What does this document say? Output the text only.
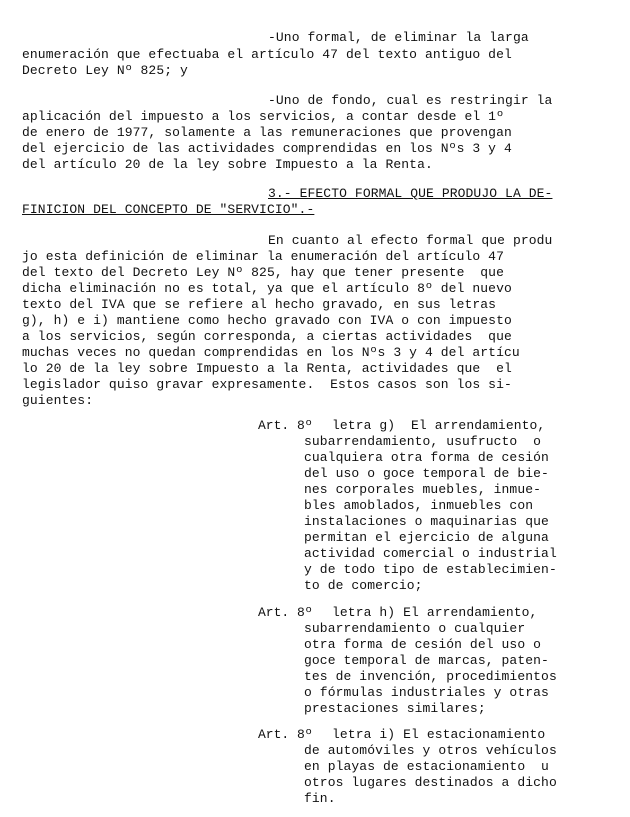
-Uno formal, de eliminar la larga
enumeración que efectuaba el artículo 47 del texto antiguo del
Decreto Ley Nº 825; y
-Uno de fondo, cual es restringir la
aplicación del impuesto a los servicios, a contar desde el 1º
de enero de 1977, solamente a las remuneraciones que provengan
del ejercicio de las actividades comprendidas en los Nºs 3 y 4
del artículo 20 de la ley sobre Impuesto a la Renta.
3.- EFECTO FORMAL QUE PRODUJO LA DE-
FINICION DEL CONCEPTO DE "SERVICIO".-
En cuanto al efecto formal que produ
jo esta definición de eliminar la enumeración del artículo 47
del texto del Decreto Ley Nº 825, hay que tener presente  que
dicha eliminación no es total, ya que el artículo 8º del nuevo
texto del IVA que se refiere al hecho gravado, en sus letras
g), h) e i) mantiene como hecho gravado con IVA o con impuesto
a los servicios, según corresponda, a ciertas actividades  que
muchas veces no quedan comprendidas en los Nºs 3 y 4 del artícu
lo 20 de la ley sobre Impuesto a la Renta, actividades que  el
legislador quiso gravar expresamente.  Estos casos son los si-
guientes:
Art. 8º letra g)  El arrendamiento,
subarrendamiento, usufructo  o
cualquiera otra forma de cesión
del uso o goce temporal de bie-
nes corporales muebles, inmue-
bles amoblados, inmuebles con
instalaciones o maquinarias que
permitan el ejercicio de alguna
actividad comercial o industrial
y de todo tipo de establecimien-
to de comercio;
Art. 8º letra h) El arrendamiento,
subarrendamiento o cualquier
otra forma de cesión del uso o
goce temporal de marcas, paten-
tes de invención, procedimientos
o fórmulas industriales y otras
prestaciones similares;
Art. 8º letra i) El estacionamiento
de automóviles y otros vehículos
en playas de estacionamiento  u
otros lugares destinados a dicho
fin.
